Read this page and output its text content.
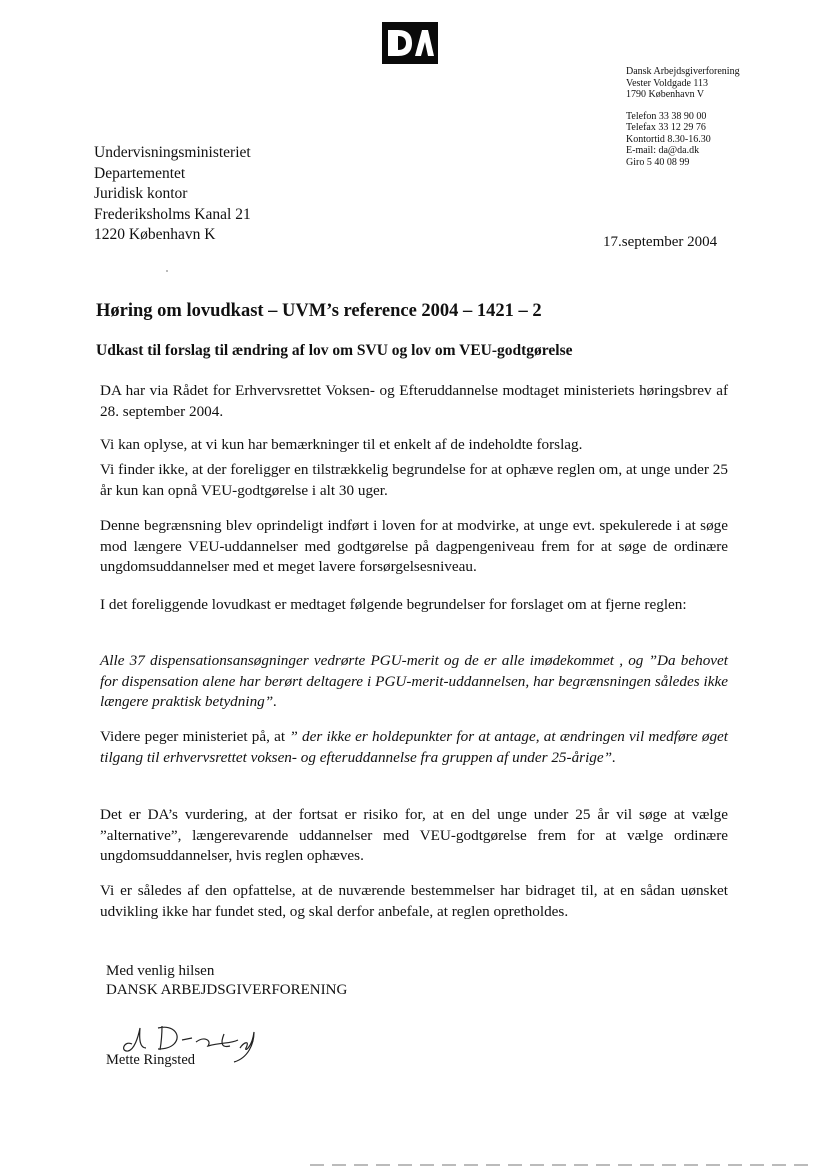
DA
Dansk Arbejdsgiverforening
Vester Voldgade 113
1790 København V
Telefon 33 38 90 00
Telefax 33 12 29 76
Kontortid 8.30-16.30
E-mail: da@da.dk
Giro 5 40 08 99
Undervisningsministeriet
Departementet
Juridisk kontor
Frederiksholms Kanal 21
1220 København K	17.september 2004
Høring om lovudkast – UVM’s reference 2004 – 1421 – 2
Udkast til forslag til ændring af lov om SVU og lov om VEU-godtgørelse

DA har via Rådet for Erhvervsrettet Voksen- og Efteruddannelse modtaget ministeriets høringsbrev af 28. september 2004.

Vi kan oplyse, at vi kun har bemærkninger til et enkelt af de indeholdte forslag.

Vi finder ikke, at der foreligger en tilstrækkelig begrundelse for at ophæve reglen om, at unge under 25 år kun kan opnå VEU-godtgørelse i alt 30 uger.

Denne begrænsning blev oprindeligt indført i loven for at modvirke, at unge evt. spekulerede i at søge mod længere VEU-uddannelser med godtgørelse på dagpengeniveau frem for at søge de ordinære ungdomsuddannelser med et meget lavere forsørgelsesniveau.

I det foreliggende lovudkast er medtaget følgende begrundelser for forslaget om at fjerne reglen:

Alle 37 dispensationsansøgninger vedrørte PGU-merit og de er alle imødekommet , og ”Da behovet for dispensation alene har berørt deltagere i PGU-merit-uddannelsen, har begrænsningen således ikke længere praktisk betydning”.

Videre peger ministeriet på, at ” der ikke er holdepunkter for at antage, at ændringen vil medføre øget tilgang til erhvervsrettet voksen- og efteruddannelse fra gruppen af under 25-årige”.

Det er DA’s vurdering, at der fortsat er risiko for, at en del unge under 25 år vil søge at vælge ”alternative”, længerevarende uddannelser med VEU-godtgørelse frem for at vælge ordinære ungdomsuddannelser, hvis reglen ophæves.

Vi er således af den opfattelse, at de nuværende bestemmelser har bidraget til, at en sådan uønsket udvikling ikke har fundet sted, og skal derfor anbefale, at reglen opretholdes.

Med venlig hilsen
DANSK ARBEJDSGIVERFORENING
Mette Ringsted
